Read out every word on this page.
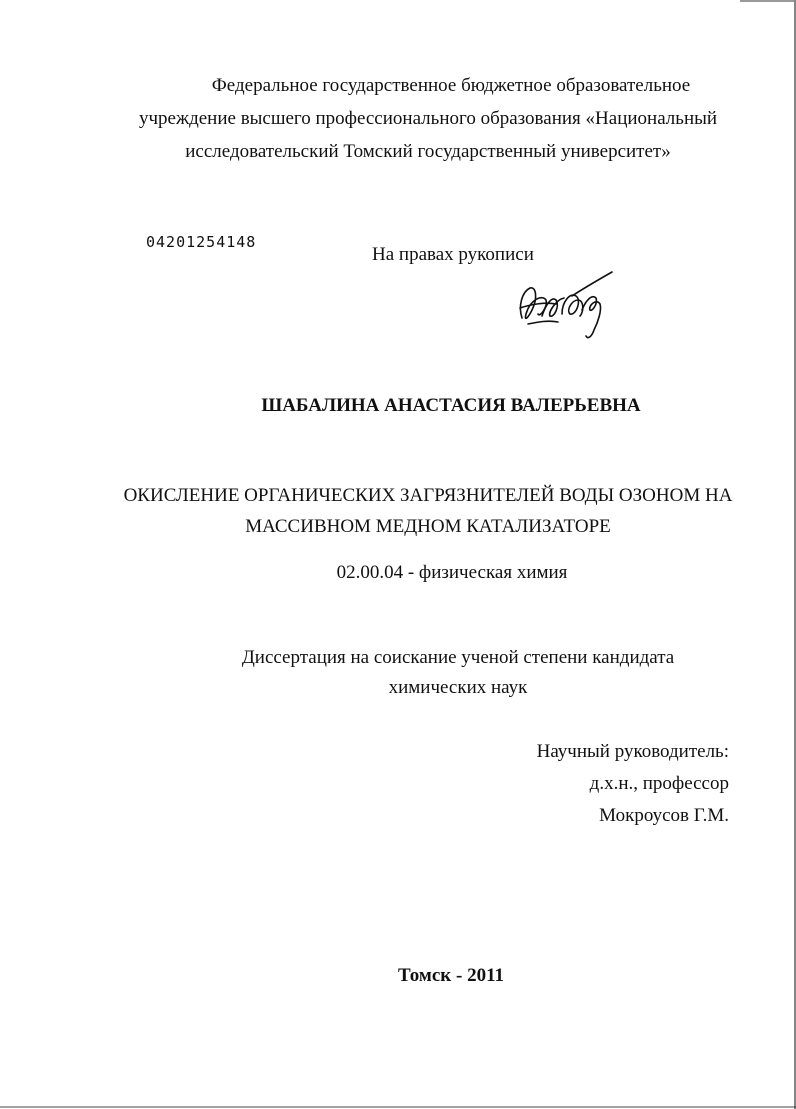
Федеральное государственное бюджетное образовательное
учреждение высшего профессионального образования «Национальный
исследовательский Томский государственный университет»
04201254148
На правах рукописи
ШАБАЛИНА АНАСТАСИЯ ВАЛЕРЬЕВНА
ОКИСЛЕНИЕ ОРГАНИЧЕСКИХ ЗАГРЯЗНИТЕЛЕЙ ВОДЫ ОЗОНОМ НА
МАССИВНОМ МЕДНОМ КАТАЛИЗАТОРЕ
02.00.04 - физическая химия
Диссертация на соискание ученой степени кандидата
химических наук
Научный руководитель:
д.х.н., профессор
Мокроусов Г.М.
Томск - 2011
